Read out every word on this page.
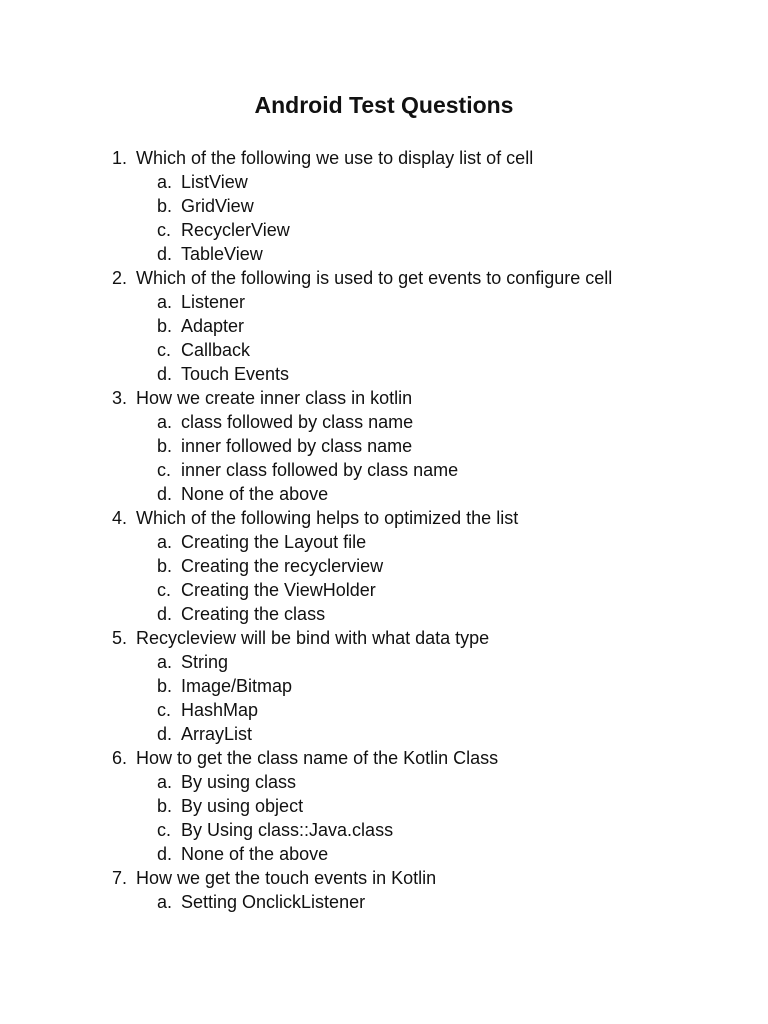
Android Test Questions
1. Which of the following we use to display list of cell
a. ListView
b. GridView
c. RecyclerView
d. TableView
2. Which of the following is used to get events to configure cell
a. Listener
b. Adapter
c. Callback
d. Touch Events
3. How we create inner class in kotlin
a. class followed by class name
b. inner followed by class name
c. inner class followed by class name
d. None of the above
4. Which of the following helps to optimized the list
a. Creating the Layout file
b. Creating the recyclerview
c. Creating the ViewHolder
d. Creating the class
5. Recycleview will be bind with what data type
a. String
b. Image/Bitmap
c. HashMap
d. ArrayList
6. How to get the class name of the Kotlin Class
a. By using class
b. By using object
c. By Using class::Java.class
d. None of the above
7. How we get the touch events in Kotlin
a. Setting OnclickListener
